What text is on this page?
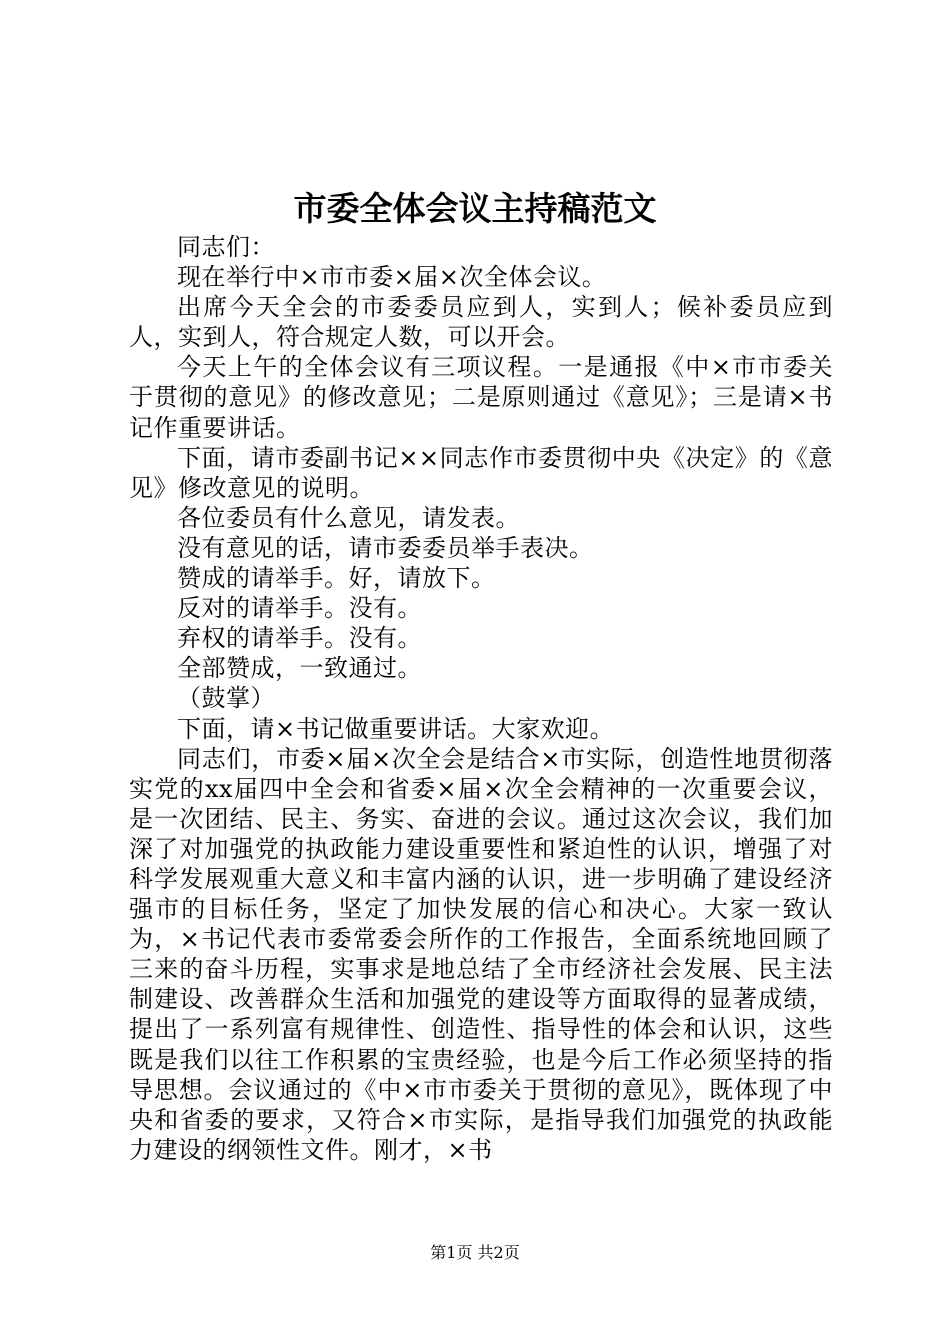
市委全体会议主持稿范文

同志们：

现在举行中×市市委×届×次全体会议。

出席今天全会的市委委员应到人，实到人；候补委员应到人，实到人，符合规定人数，可以开会。

今天上午的全体会议有三项议程。一是通报《中×市市委关于贯彻的意见》的修改意见；二是原则通过《意见》；三是请×书记作重要讲话。

下面，请市委副书记××同志作市委贯彻中央《决定》的《意见》修改意见的说明。

各位委员有什么意见，请发表。

没有意见的话，请市委委员举手表决。

赞成的请举手。好，请放下。

反对的请举手。没有。

弃权的请举手。没有。

全部赞成，一致通过。

（鼓掌）

下面，请×书记做重要讲话。大家欢迎。

同志们，市委×届×次全会是结合×市实际，创造性地贯彻落实党的xx届四中全会和省委×届×次全会精神的一次重要会议，是一次团结、民主、务实、奋进的会议。通过这次会议，我们加深了对加强党的执政能力建设重要性和紧迫性的认识，增强了对科学发展观重大意义和丰富内涵的认识，进一步明确了建设经济强市的目标任务，坚定了加快发展的信心和决心。大家一致认为，×书记代表市委常委会所作的工作报告，全面系统地回顾了三来的奋斗历程，实事求是地总结了全市经济社会发展、民主法制建设、改善群众生活和加强党的建设等方面取得的显著成绩，提出了一系列富有规律性、创造性、指导性的体会和认识，这些既是我们以往工作积累的宝贵经验，也是今后工作必须坚持的指导思想。会议通过的《中×市市委关于贯彻的意见》，既体现了中央和省委的要求，又符合×市实际，是指导我们加强党的执政能力建设的纲领性文件。刚才，×书

第1页 共2页
